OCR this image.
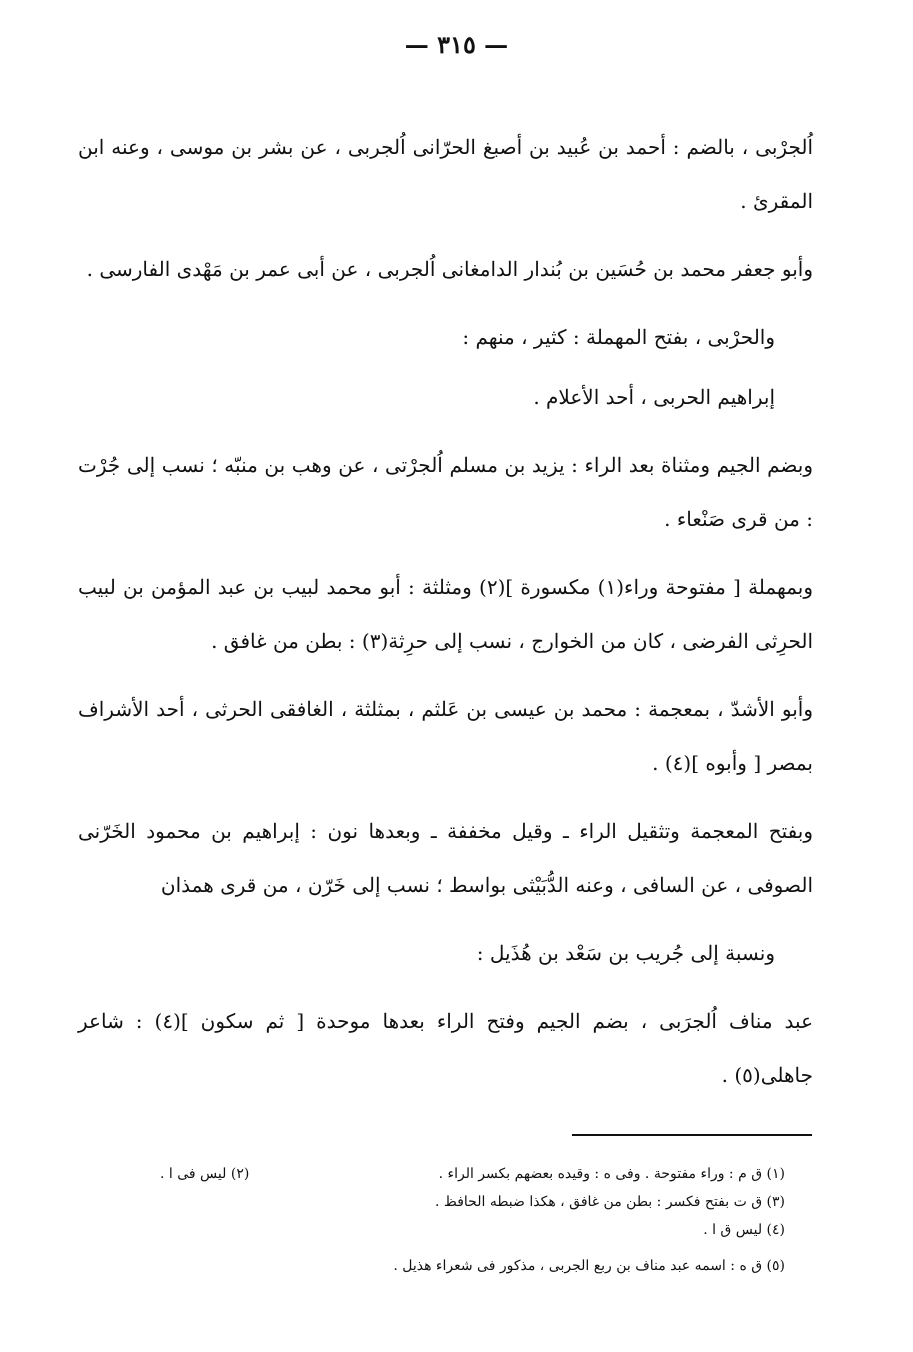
— ٣١٥ —

اُلجرْبى ، بالضم : أحمد بن عُبيد بن أصبغ الحرّانى اُلجربى ، عن بشر بن موسى ، وعنه ابن المقرئ .

وأبو جعفر محمد بن حُسَين بن بُندار الدامغانى اُلجربى ، عن أبى عمر بن مَهْدى الفارسى .

والحرْبى ، بفتح المهملة : كثير ، منهم :

إبراهيم الحربى ، أحد الأعلام .

وبضم الجيم ومثناة بعد الراء : يزيد بن مسلم اُلجرْتى ، عن وهب بن منبّه ؛ نسب إلى جُرْت : من قرى صَنْعاء .

وبمهملة [ مفتوحة وراء(١) مكسورة ](٢) ومثلثة : أبو محمد لبيب بن عبد المؤمن بن لبيب الحرِثى الفرضى ، كان من الخوارج ، نسب إلى حرِثة(٣) : بطن من غافق .

وأبو الأشدّ ، بمعجمة : محمد بن عيسى بن عَلثم ، بمثلثة ، الغافقى الحرثى ، أحد الأشراف بمصر [ وأبوه ](٤) .

وبفتح المعجمة وتثقيل الراء ـ وقيل مخففة ـ وبعدها نون : إبراهيم بن محمود الخَرّنى الصوفى ، عن السافى ، وعنه الدُّبَيْثى بواسط ؛ نسب إلى خَرّن ، من قرى همذان

ونسبة إلى جُريب بن سَعْد بن هُذَيل :

عبد مناف اُلجرَبى ، بضم الجيم وفتح الراء بعدها موحدة [ ثم سكون ](٤) : شاعر جاهلى(٥) .

(١) ق م : وراء مفتوحة . وفى ه : وقيده بعضهم بكسر الراء .
(٢) ليس فى ا .
(٣) ق ت بفتح فكسر : بطن من غافق ، هكذا ضبطه الحافظ .
(٤) ليس ق ا .
(٥) ق ه : اسمه عبد مناف بن ربع الجربى ، مذكور فى شعراء هذيل .
